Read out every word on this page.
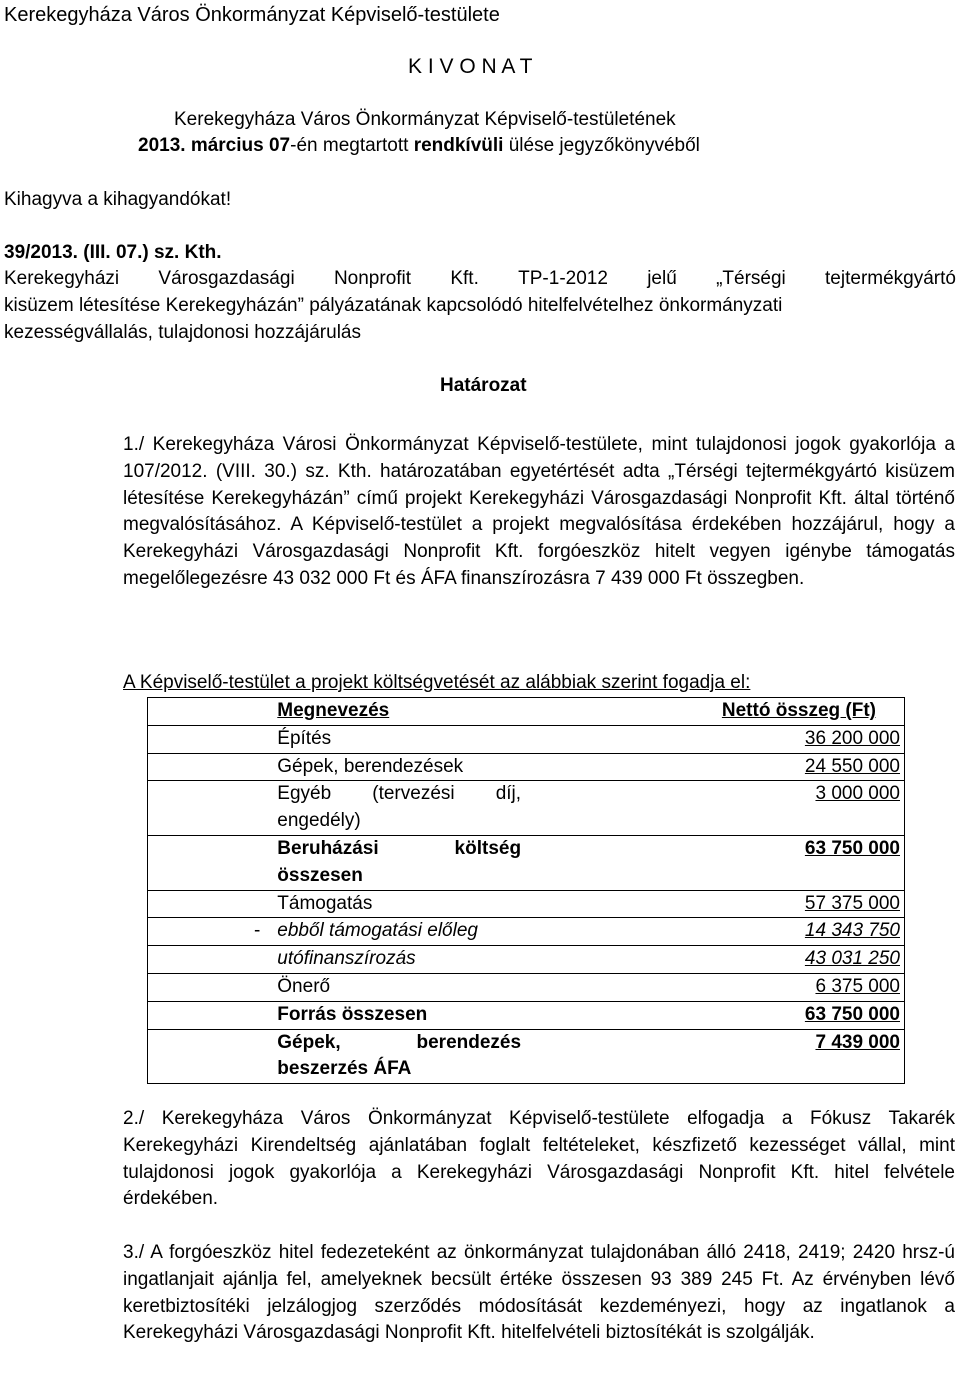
Kerekegyháza Város Önkormányzat Képviselő-testülete
K I V O N A T
Kerekegyháza Város Önkormányzat Képviselő-testületének
2013. március 07-én megtartott rendkívüli ülése jegyzőkönyvéből
Kihagyva a kihagyandókat!
39/2013. (III. 07.) sz. Kth.
Kerekegyházi Városgazdasági Nonprofit Kft. TP-1-2012 jelű „Térségi tejtermékgyártó
kisüzem létesítése Kerekegyházán” pályázatának kapcsolódó hitelfelvételhez önkormányzati
kezességvállalás, tulajdonosi hozzájárulás
Határozat
1./ Kerekegyháza Városi Önkormányzat Képviselő-testülete, mint tulajdonosi jogok gyakorlója a 107/2012. (VIII. 30.) sz. Kth. határozatában egyetértését adta „Térségi tejtermékgyártó kisüzem létesítése Kerekegyházán” című projekt Kerekegyházi Városgazdasági Nonprofit Kft. által történő megvalósításához. A Képviselő-testület a projekt megvalósítása érdekében hozzájárul, hogy a Kerekegyházi Városgazdasági Nonprofit Kft. forgóeszköz hitelt vegyen igénybe támogatás megelőlegezésre 43 032 000 Ft és ÁFA finanszírozásra 7 439 000 Ft összegben.
A Képviselő-testület a projekt költségvetését az alábbiak szerint fogadja el:
	Megnevezés		Nettó összeg (Ft)
	Építés		36 200 000
	Gépek, berendezések		24 550 000
	Egyéb (tervezési díj, engedély)		3 000 000
	Beruházási költség összesen		63 750 000
	Támogatás		57 375 000
-	ebből támogatási előleg		14 343 750
	utófinanszírozás		43 031 250
	Önerő		6 375 000
	Forrás összesen		63 750 000
	Gépek, berendezés beszerzés ÁFA		7 439 000
2./ Kerekegyháza Város Önkormányzat Képviselő-testülete elfogadja a Fókusz Takarék Kerekegyházi Kirendeltség ajánlatában foglalt feltételeket, készfizető kezességet vállal, mint tulajdonosi jogok gyakorlója a Kerekegyházi Városgazdasági Nonprofit Kft. hitel felvétele érdekében.
3./ A forgóeszköz hitel fedezeteként az önkormányzat tulajdonában álló 2418, 2419; 2420 hrsz-ú ingatlanjait ajánlja fel, amelyeknek becsült értéke összesen 93 389 245 Ft. Az érvényben lévő keretbiztosítéki jelzálogjog szerződés módosítását kezdeményezi, hogy az ingatlanok a Kerekegyházi Városgazdasági Nonprofit Kft. hitelfelvételi biztosítékát is szolgálják.
